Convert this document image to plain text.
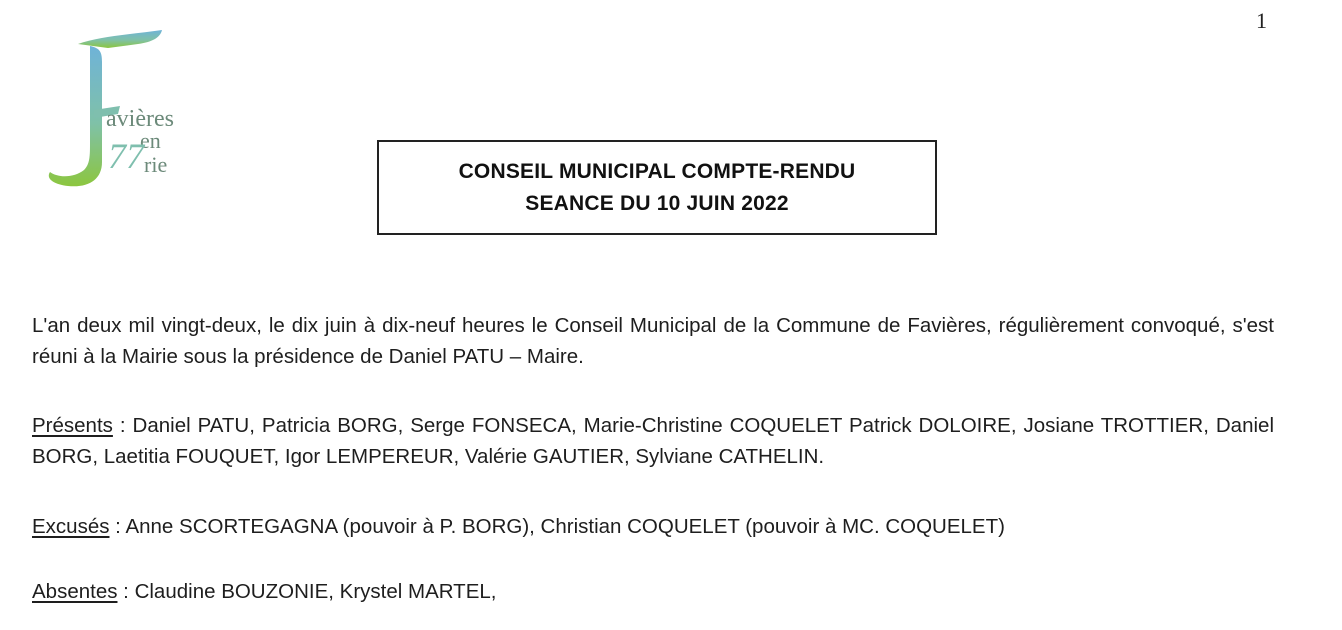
1
avières
en
77 rie	CONSEIL MUNICIPAL COMPTE-RENDU
SEANCE DU 10 JUIN 2022
L'an deux mil vingt-deux, le dix juin à dix-neuf heures le Conseil Municipal de la Commune de Favières, régulièrement convoqué, s'est réuni à la Mairie sous la présidence de Daniel PATU – Maire.
Présents : Daniel PATU, Patricia BORG, Serge FONSECA, Marie-Christine COQUELET Patrick DOLOIRE, Josiane TROTTIER, Daniel BORG, Laetitia FOUQUET, Igor LEMPEREUR, Valérie GAUTIER, Sylviane CATHELIN.
Excusés : Anne SCORTEGAGNA (pouvoir à P. BORG), Christian COQUELET (pouvoir à MC. COQUELET)
Absentes : Claudine BOUZONIE, Krystel MARTEL,
